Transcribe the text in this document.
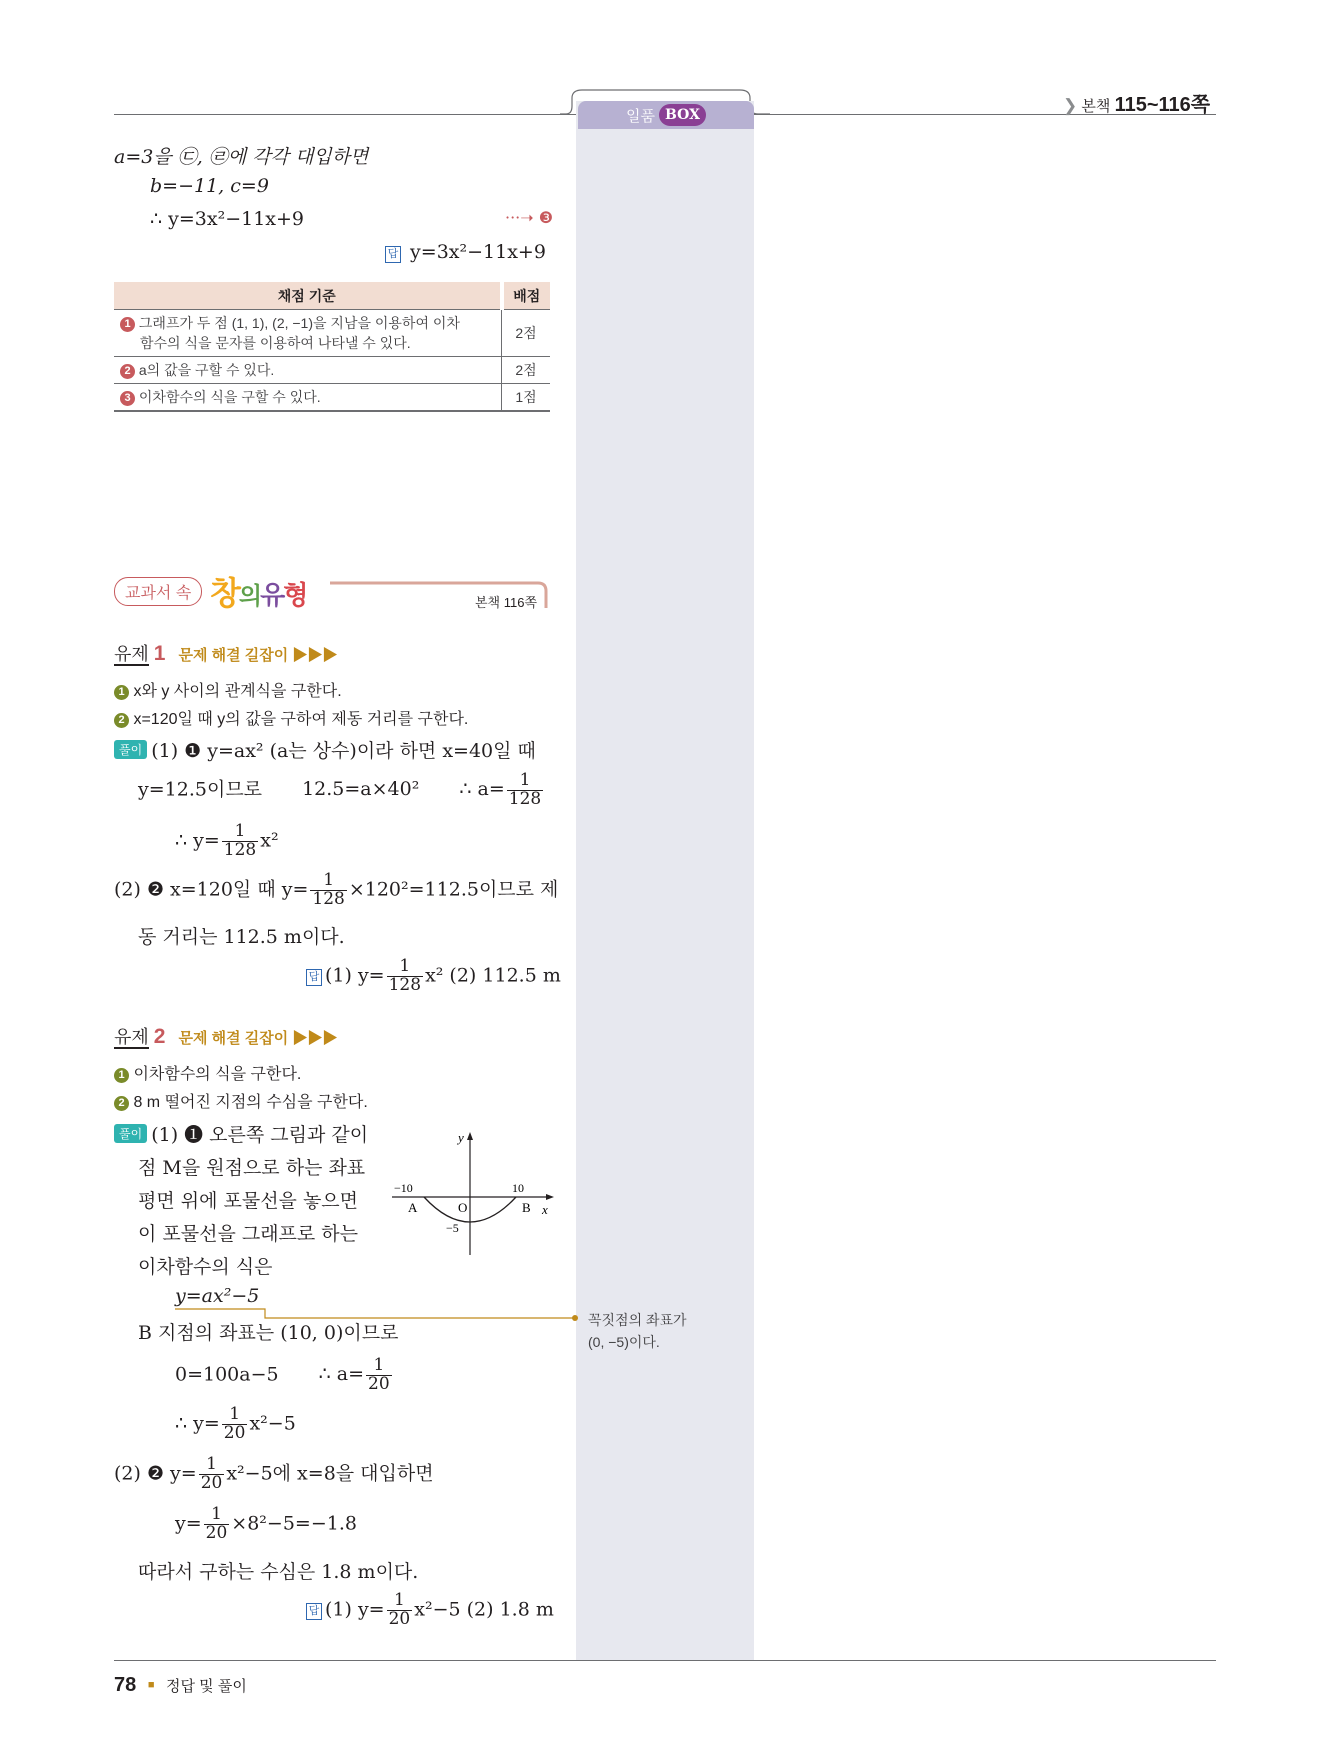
일품 BOX	❯ 본책 115~116쪽
a=3을 ㉢, ㉣에 각각 대입하면
b=−11, c=9
∴ y=3x²−11x+9	···➝ ❸
답 y=3x²−11x+9
채점 기준	배점
1 그래프가 두 점 (1, 1), (2, −1)을 지남을 이용하여 이차
함수의 식을 문자를 이용하여 나타낼 수 있다.	2점
2 a의 값을 구할 수 있다.	2점
3 이차함수의 식을 구할 수 있다.	1점
교과서 속 창의유형	본책 116쪽
유제 1 문제 해결 길잡이 ▶▶▶
1 x와 y 사이의 관계식을 구한다.
2 x=120일 때 y의 값을 구하여 제동 거리를 구한다.
풀이 (1) ❶ y=ax² (a는 상수)이라 하면 x=40일 때
y=12.5이므로 12.5=a×40² ∴ $a= \frac{1}{128}$
∴ $y= \frac{1}{128} x^2$
(2) ❷ x=120일 때 $y= \frac{1}{128} \times 120^2=112.5$이므로 제
동 거리는 112.5 m이다.
답 (1) $y= \frac{1}{128} x^2$ (2) 112.5 m
유제 2 문제 해결 길잡이 ▶▶▶
1 이차함수의 식을 구한다.
2 8 m 떨어진 지점의 수심을 구한다.
풀이 (1) ❶ 오른쪽 그림과 같이
점 M을 원점으로 하는 좌표
평면 위에 포물선을 놓으면
이 포물선을 그래프로 하는
이차함수의 식은
y=ax²−5
B 지점의 좌표는 (10, 0)이므로
꼭짓점의 좌표가
(0, −5)이다.
0=100a−5 ∴ $a= \frac{1}{20}$
∴ $y= \frac{1}{20} x^2-5$
(2) ❷ $y= \frac{1}{20} x^2-5$에 x=8을 대입하면
$y= \frac{1}{20} \times 8^2-5=-1.8$
따라서 구하는 수심은 1.8 m이다.
답 (1) $y= \frac{1}{20} x^2-5$ (2) 1.8 m
y
x
O
−10	10
A	B
−5
78 ■ 정답 및 풀이
